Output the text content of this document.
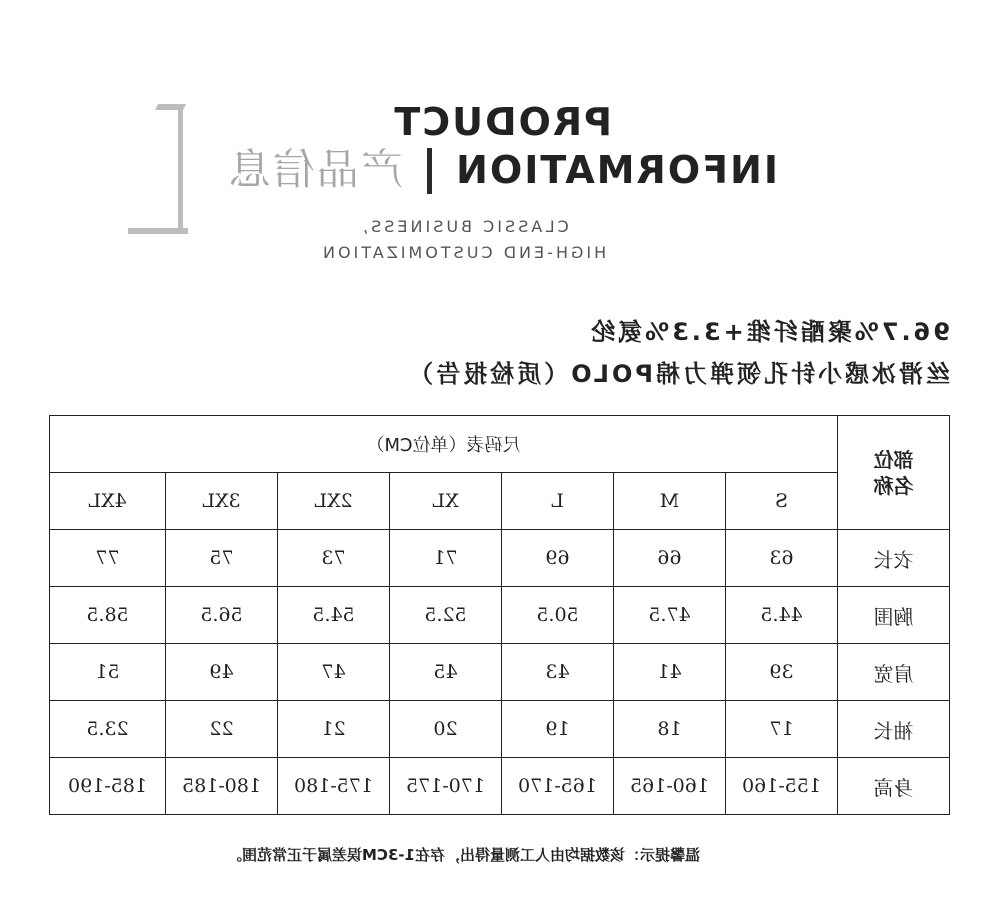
产品信息
PRODUCT
INFORMATION
CLASSIC BUSINESS,
HIGH-END CUSTOMIZATION
96.7%聚酯纤维+3.3%氨纶
丝滑冰感小针孔领弹力棉POLO（质检报告）
部位
名称	尺码表（单位CM）						
	S	M	L	XL	2XL	3XL	4XL
衣长	63	66	69	71	73	75	77
胸围	44.5	47.5	50.5	52.5	54.5	56.5	58.5
肩宽	39	41	43	45	47	49	51
袖长	17	18	19	20	21	22	23.5
身高	155-160	160-165	165-170	170-175	175-180	180-185	185-190
温馨提示：该数据均由人工测量得出，存在1-3CM误差属于正常范围。
